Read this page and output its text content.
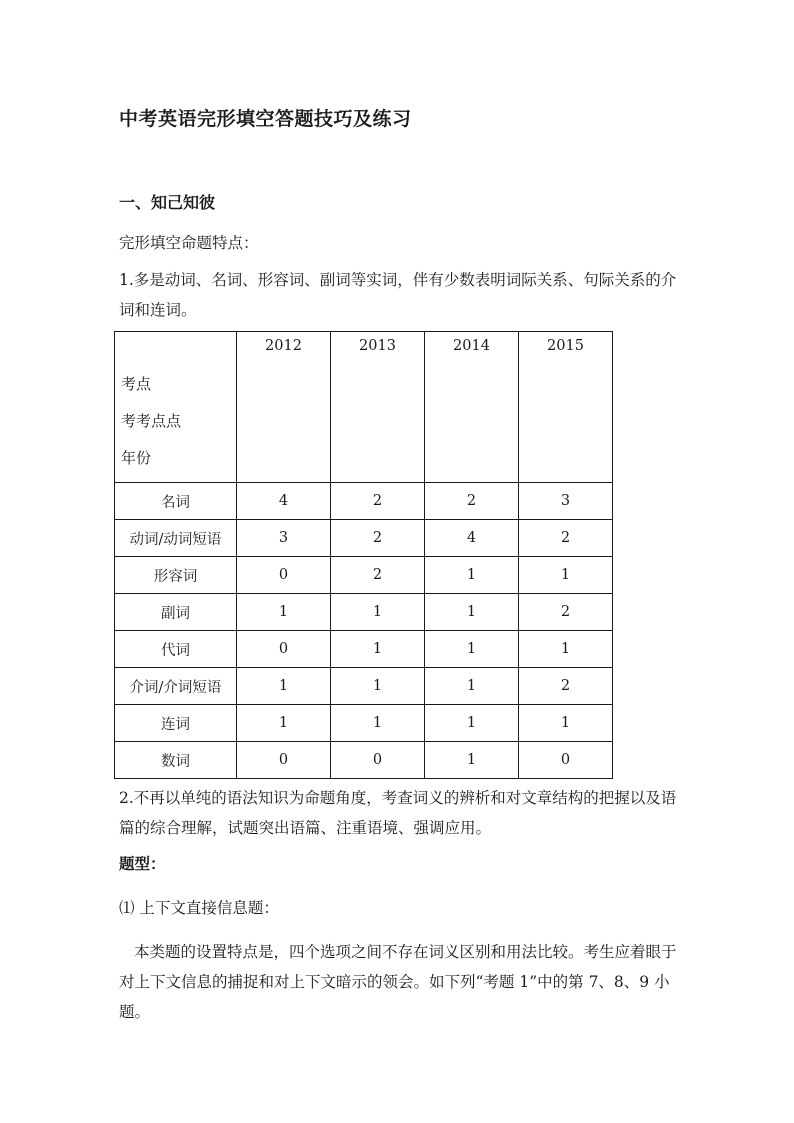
中考英语完形填空答题技巧及练习
一、知己知彼
完形填空命题特点：
1.多是动词、名词、形容词、副词等实词，伴有少数表明词际关系、句际关系的介词和连词。
考点
考考点点
年份	2012	2013	2014	2015
名词	4	2	2	3
动词/动词短语	3	2	4	2
形容词	0	2	1	1
副词	1	1	1	2
代词	0	1	1	1
介词/介词短语	1	1	1	2
连词	1	1	1	1
数词	0	0	1	0
2.不再以单纯的语法知识为命题角度，考查词义的辨析和对文章结构的把握以及语篇的综合理解，试题突出语篇、注重语境、强调应用。
题型：
⑴ 上下文直接信息题：
本类题的设置特点是，四个选项之间不存在词义区别和用法比较。考生应着眼于对上下文信息的捕捉和对上下文暗示的领会。如下列“考题 1”中的第 7、8、9 小题。
